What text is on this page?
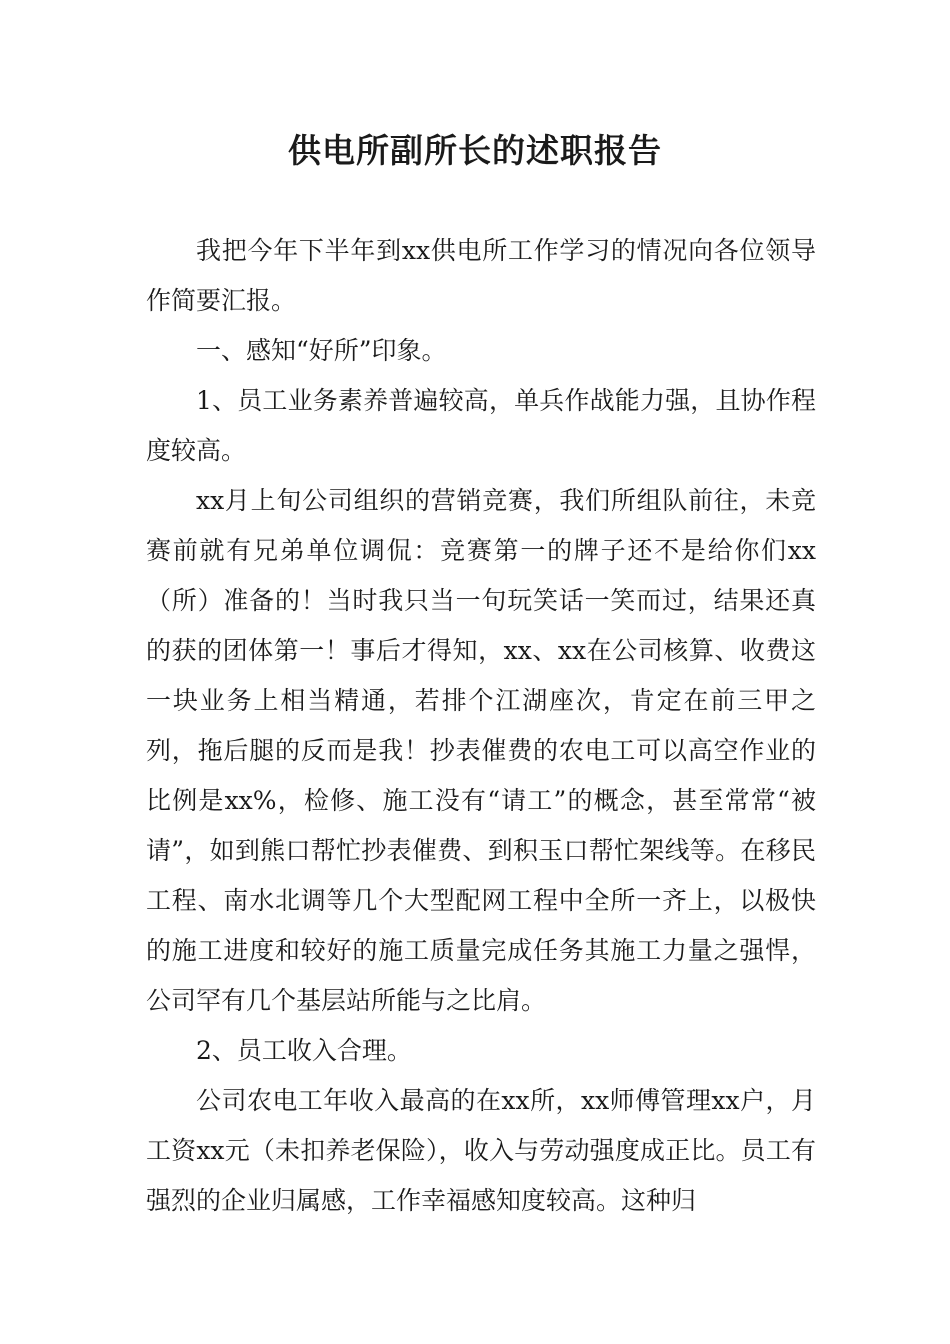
供电所副所长的述职报告

我把今年下半年到xx供电所工作学习的情况向各位领导作简要汇报。

一、感知“好所”印象。

1、员工业务素养普遍较高，单兵作战能力强，且协作程度较高。

xx月上旬公司组织的营销竞赛，我们所组队前往，未竞赛前就有兄弟单位调侃：竞赛第一的牌子还不是给你们xx（所）准备的！当时我只当一句玩笑话一笑而过，结果还真的获的团体第一！事后才得知，xx、xx在公司核算、收费这一块业务上相当精通，若排个江湖座次，肯定在前三甲之列，拖后腿的反而是我！抄表催费的农电工可以高空作业的比例是xx%，检修、施工没有“请工”的概念，甚至常常“被请”，如到熊口帮忙抄表催费、到积玉口帮忙架线等。在移民工程、南水北调等几个大型配网工程中全所一齐上，以极快的施工进度和较好的施工质量完成任务其施工力量之强悍，公司罕有几个基层站所能与之比肩。

2、员工收入合理。

公司农电工年收入最高的在xx所，xx师傅管理xx户，月工资xx元（未扣养老保险），收入与劳动强度成正比。员工有强烈的企业归属感，工作幸福感知度较高。这种归
